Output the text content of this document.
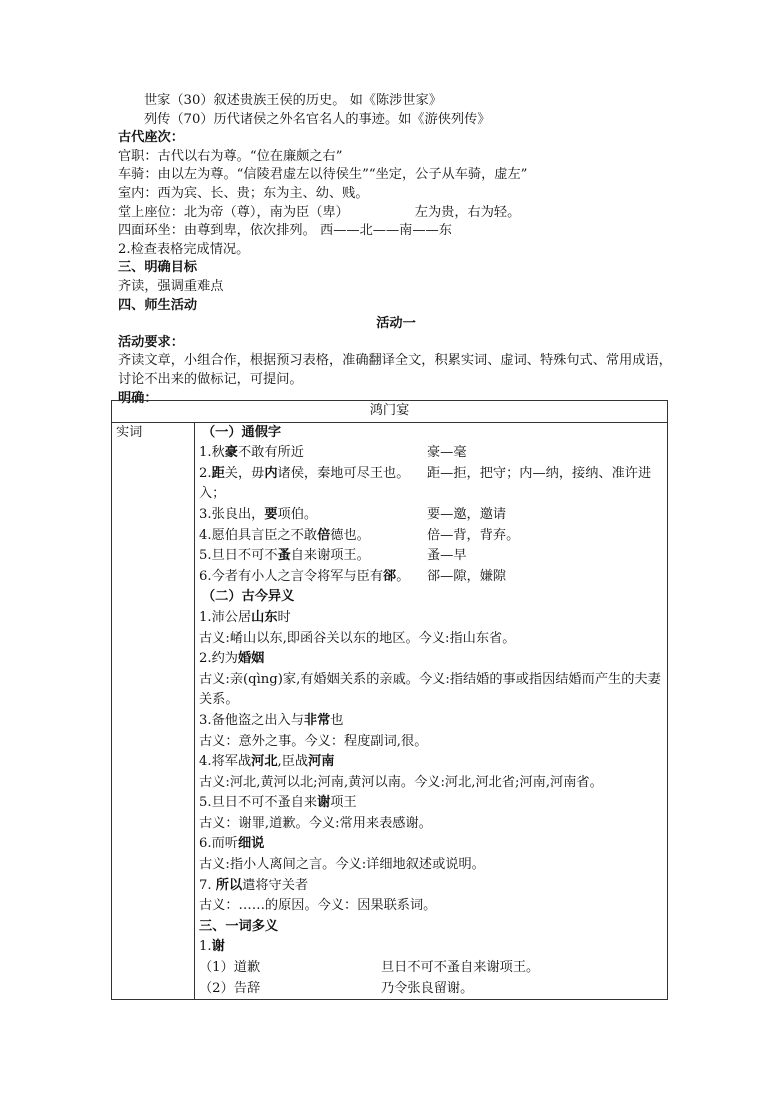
世家（30）叙述贵族王侯的历史。 如《陈涉世家》
列传（70）历代诸侯之外名官名人的事迹。如《游侠列传》
古代座次：
官职：古代以右为尊。“位在廉颇之右”
车骑：由以左为尊。“信陵君虚左以待侯生”“坐定，公子从车骑，虚左”
室内：西为宾、长、贵；东为主、幼、贱。
堂上座位：北为帝（尊），南为臣（卑）	左为贵，右为轻。
四面环坐：由尊到卑，依次排列。 西——北——南——东
2.检查表格完成情况。
三、明确目标
齐读，强调重难点
四、师生活动
活动一
活动要求：
齐读文章，小组合作，根据预习表格，准确翻译全文，积累实词、虚词、特殊句式、常用成语，讨论不出来的做标记，可提问。
明确：
鸿门宴
实词	（一）通假字
1.秋豪不敢有所近	豪—毫
2.距关，毋内诸侯，秦地可尽王也。 距—拒，把守；内—纳，接纳、准许进入；
3.张良出，要项伯。	要—邀，邀请
4.愿伯具言臣之不敢倍德也。	倍—背，背弃。
5.旦日不可不蚤自来谢项王。	蚤—早
6.今者有小人之言令将军与臣有郤。	郤—隙，嫌隙
（二）古今异义
1.沛公居山东时
古义:崤山以东,即函谷关以东的地区。今义:指山东省。
2.约为婚姻
古义:亲(qìng)家,有婚姻关系的亲戚。今义:指结婚的事或指因结婚而产生的夫妻关系。
3.备他盗之出入与非常也
古义：意外之事。今义：程度副词,很。
4.将军战河北,臣战河南
古义:河北,黄河以北;河南,黄河以南。今义:河北,河北省;河南,河南省。
5.旦日不可不蚤自来谢项王
古义：谢罪,道歉。今义:常用来表感谢。
6.而听细说
古义:指小人离间之言。今义:详细地叙述或说明。
7. 所以遣将守关者
古义：……的原因。今义：因果联系词。
三、一词多义
1.谢
（1）道歉	旦日不可不蚤自来谢项王。
（2）告辞	乃令张良留谢。
